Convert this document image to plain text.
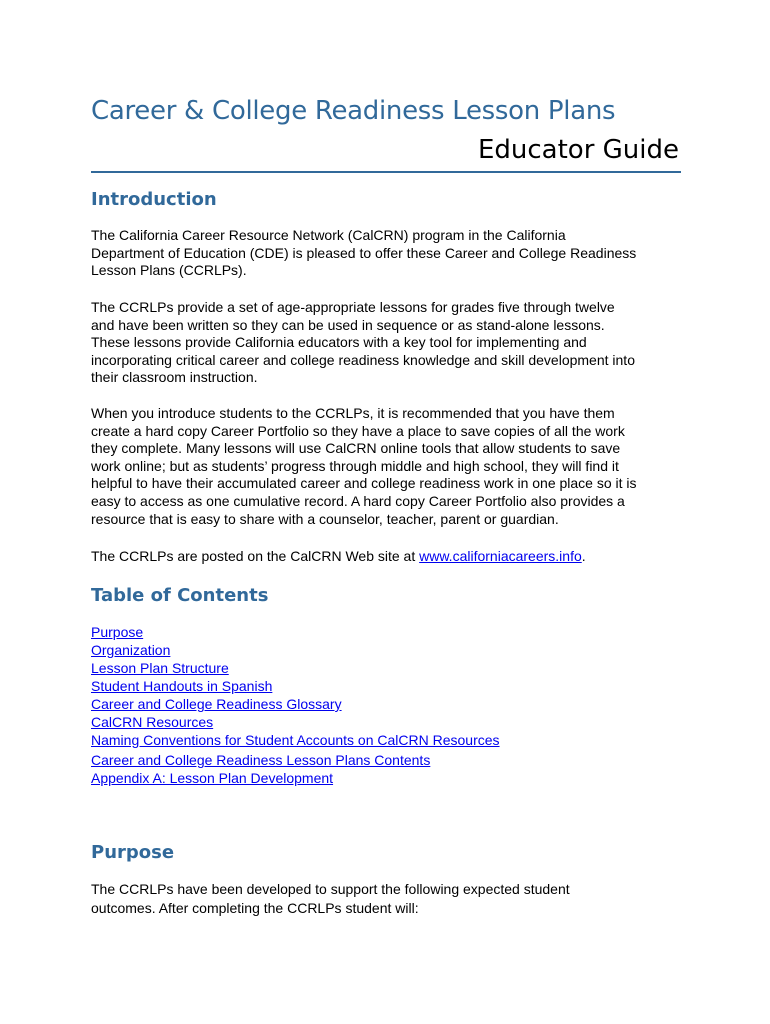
Career & College Readiness Lesson Plans
Educator Guide
Introduction

The California Career Resource Network (CalCRN) program in the California
Department of Education (CDE) is pleased to offer these Career and College Readiness
Lesson Plans (CCRLPs).

The CCRLPs provide a set of age-appropriate lessons for grades five through twelve
and have been written so they can be used in sequence or as stand-alone lessons.
These lessons provide California educators with a key tool for implementing and
incorporating critical career and college readiness knowledge and skill development into
their classroom instruction.

When you introduce students to the CCRLPs, it is recommended that you have them
create a hard copy Career Portfolio so they have a place to save copies of all the work
they complete. Many lessons will use CalCRN online tools that allow students to save
work online; but as students’ progress through middle and high school, they will find it
helpful to have their accumulated career and college readiness work in one place so it is
easy to access as one cumulative record. A hard copy Career Portfolio also provides a
resource that is easy to share with a counselor, teacher, parent or guardian.

The CCRLPs are posted on the CalCRN Web site at www.californiacareers.info.

Table of Contents
Purpose
Organization
Lesson Plan Structure
Student Handouts in Spanish
Career and College Readiness Glossary
CalCRN Resources
Naming Conventions for Student Accounts on CalCRN Resources
Career and College Readiness Lesson Plans Contents
Appendix A: Lesson Plan Development
Purpose

The CCRLPs have been developed to support the following expected student
outcomes. After completing the CCRLPs student will:
